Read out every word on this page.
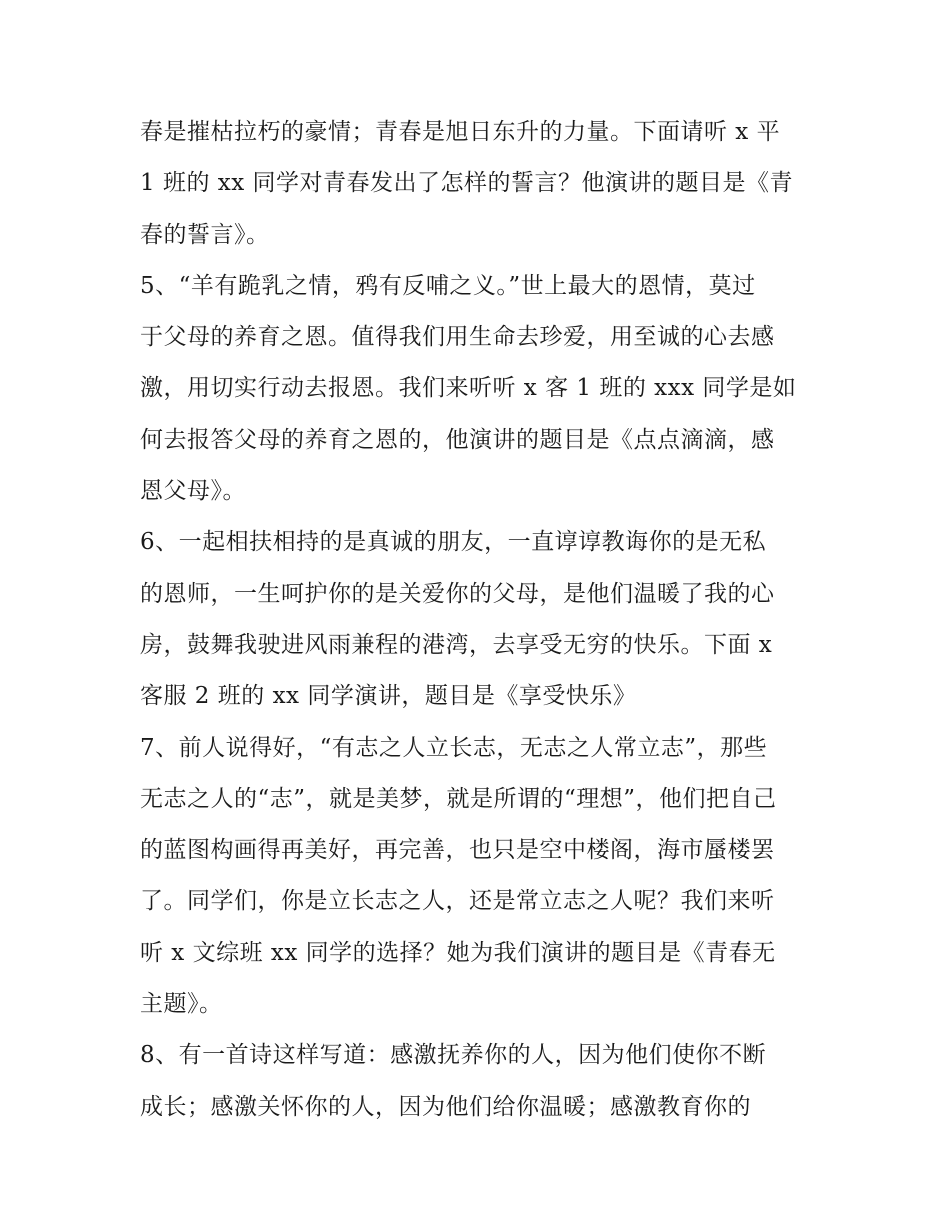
春是摧枯拉朽的豪情；青春是旭日东升的力量。下面请听 x 平
1 班的 xx 同学对青春发出了怎样的誓言？他演讲的题目是《青
春的誓言》。
5、“羊有跪乳之情，鸦有反哺之义。”世上最大的恩情，莫过
于父母的养育之恩。值得我们用生命去珍爱，用至诚的心去感
激，用切实行动去报恩。我们来听听 x 客 1 班的 xxx 同学是如
何去报答父母的养育之恩的，他演讲的题目是《点点滴滴，感
恩父母》。
6、一起相扶相持的是真诚的朋友，一直谆谆教诲你的是无私
的恩师，一生呵护你的是关爱你的父母，是他们温暖了我的心
房，鼓舞我驶进风雨兼程的港湾，去享受无穷的快乐。下面 x
客服 2 班的 xx 同学演讲，题目是《享受快乐》
7、前人说得好，“有志之人立长志，无志之人常立志”，那些
无志之人的“志”，就是美梦，就是所谓的“理想”，他们把自己
的蓝图构画得再美好，再完善，也只是空中楼阁，海市蜃楼罢
了。同学们，你是立长志之人，还是常立志之人呢？我们来听
听 x 文综班 xx 同学的选择？她为我们演讲的题目是《青春无
主题》。
8、有一首诗这样写道：感激抚养你的人，因为他们使你不断
成长；感激关怀你的人，因为他们给你温暖；感激教育你的
